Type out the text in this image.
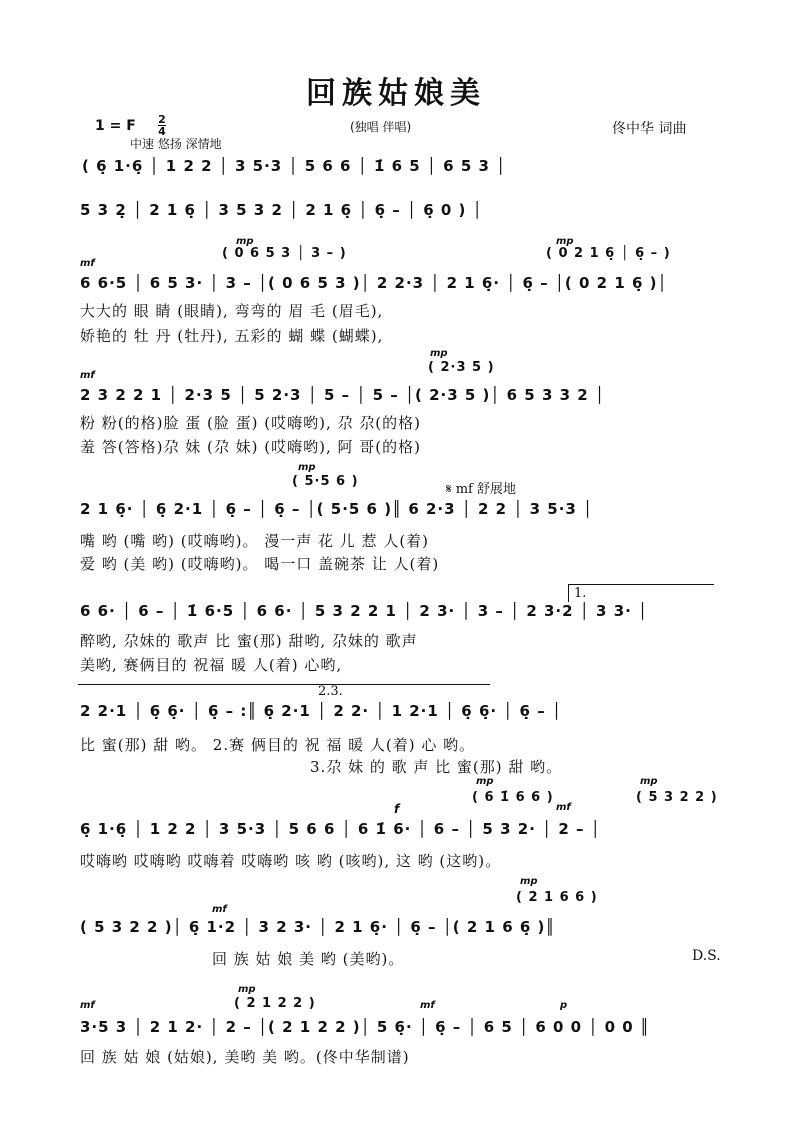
回族姑娘美
1 = F 2
4
中速 悠扬 深情地
(独唱 伴唱)	佟中华 词曲
( 6̣ 1·6̣ │ 1 2 2 │ 3 5·3 │ 5 6 6 │ 1̇ 6 5 │ 6 5 3 │
5 3 2̣ │ 2 1 6̣ │ 3 5 3 2 │ 2 1 6̣ │ 6̣ – │ 6̣ 0 ) │
mp
( 0 6 5 3 │ 3 – )
mp
( 0 2 1 6̣ │ 6̣ – )
mf
6 6·5 │ 6 5 3· │ 3 – │( 0 6 5 3 )│ 2 2·3 │ 2 1 6̣· │ 6̣ – │( 0 2 1 6̣ )│
大大的 眼 睛 (眼睛), 弯弯的 眉 毛 (眉毛),
娇艳的 牡 丹 (牡丹), 五彩的 蝴 蝶 (蝴蝶),
mp
( 2·3 5 )
mf
2 3 2 2 1 │ 2·3 5 │ 5 2·3 │ 5 – │ 5 – │( 2·3 5 )│ 6 5 3 3 2 │
粉 粉(的格)脸 蛋 (脸 蛋) (哎嗨哟), 尕 尕(的格)
羞 答(答格)尕 妹 (尕 妹) (哎嗨哟), 阿 哥(的格)
mp
( 5·5 6 )
𝄋 mf 舒展地
2 1 6̣· │ 6̣ 2·1 │ 6̣ – │ 6̣ – │( 5·5 6 )║ 6 2·3 │ 2 2 │ 3 5·3 │
嘴 哟 (嘴 哟) (哎嗨哟)。 漫一声 花 儿 惹 人(着)
爱 哟 (美 哟) (哎嗨哟)。 喝一口 盖碗茶 让 人(着)
1.
6 6· │ 6 – │ 1̇ 6·5 │ 6 6· │ 5 3 2 2 1 │ 2 3· │ 3 – │ 2 3·2 │ 3 3· │
醉哟, 尕妹的 歌声 比 蜜(那) 甜哟, 尕妹的 歌声
美哟, 赛俩目的 祝福 暖 人(着) 心哟,
2.3.
2 2·1 │ 6̣ 6̣· │ 6̣ – :║ 6̣ 2·1 │ 2 2· │ 1 2·1 │ 6̣ 6̣· │ 6̣ – │
比 蜜(那) 甜 哟。 2.赛 俩目的 祝 福 暖 人(着) 心 哟。
3.尕 妹 的 歌 声 比 蜜(那) 甜 哟。
mp
( 6 1̇ 6 6 )
mp
( 5 3 2 2 )
f	mf
6̣ 1·6̣ │ 1 2 2 │ 3 5·3 │ 5 6 6 │ 6 1̇ 6· │ 6 – │ 5 3 2· │ 2 – │
哎嗨哟 哎嗨哟 哎嗨着 哎嗨哟 咳 哟 (咳哟), 这 哟 (这哟)。
mp
( 2 1 6 6 )
mf
( 5 3 2 2 )│ 6̣ 1·2 │ 3 2 3· │ 2 1 6̣· │ 6̣ – │( 2 1 6 6̣ )║
回 族 姑 娘 美 哟 (美哟)。	D.S.
mp
( 2 1 2 2 )
mf	mf	p
3·5 3 │ 2 1 2· │ 2 – │( 2 1 2 2 )│ 5 6̣· │ 6̣ – │ 6 5 │ 6 0 0 │ 0 0 ║
回 族 姑 娘 (姑娘), 美哟 美 哟。(佟中华制谱)
